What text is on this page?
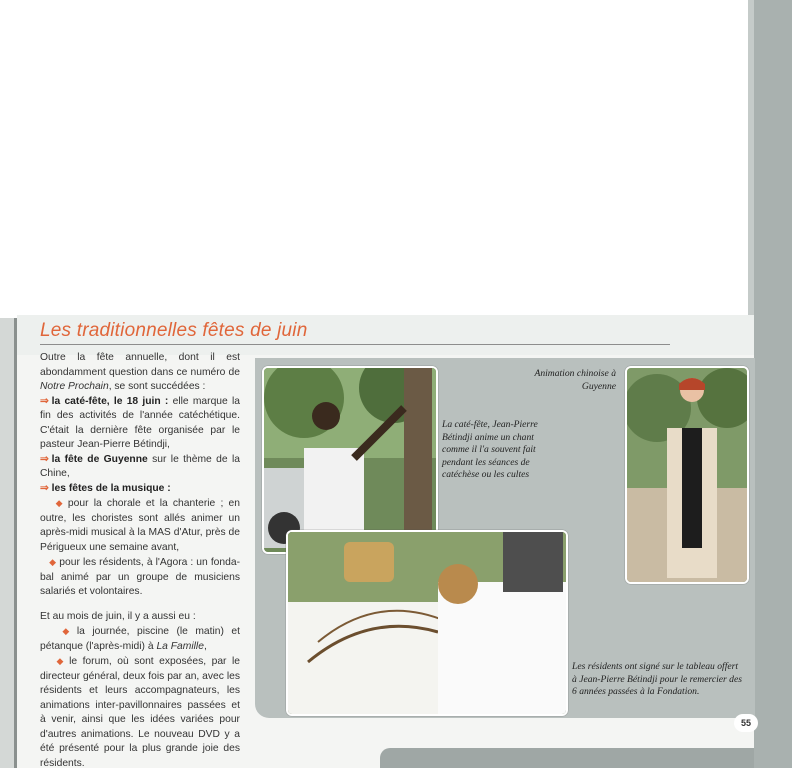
Les traditionnelles fêtes de juin

Outre la fête annuelle, dont il est abondamment question dans ce numéro de Notre Prochain, se sont succédées :

⇒ la caté-fête, le 18 juin : elle marque la fin des activités de l'année catéchétique. C'était la dernière fête organisée par le pasteur Jean-Pierre Bétindji,

⇒ la fête de Guyenne sur le thème de la Chine,

⇒ les fêtes de la musique :

◆ pour la chorale et la chanterie ; en outre, les choristes sont allés animer un après-midi musical à la MAS d'Atur, près de Périgueux une semaine avant,

◆ pour les résidents, à l'Agora : un fonda-bal animé par un groupe de musiciens salariés et volontaires.

Et au mois de juin, il y a aussi eu :

◆ la journée, piscine (le matin) et pétanque (l'après-midi) à La Famille,

◆ le forum, où sont exposées, par le directeur général, deux fois par an, avec les résidents et leurs accompagnateurs, les animations inter-pavillonnaires passées et à venir, ainsi que les idées variées pour d'autres animations. Le nouveau DVD y a été présenté pour la plus grande joie des résidents.

La caté-fête, Jean-Pierre Bétindji anime un chant comme il l'a souvent fait pendant les séances de catéchèse ou les cultes
Animation chinoise à Guyenne
Les résidents ont signé sur le tableau offert à Jean-Pierre Bétindji pour le remercier des 6 années passées à la Fondation.
55
